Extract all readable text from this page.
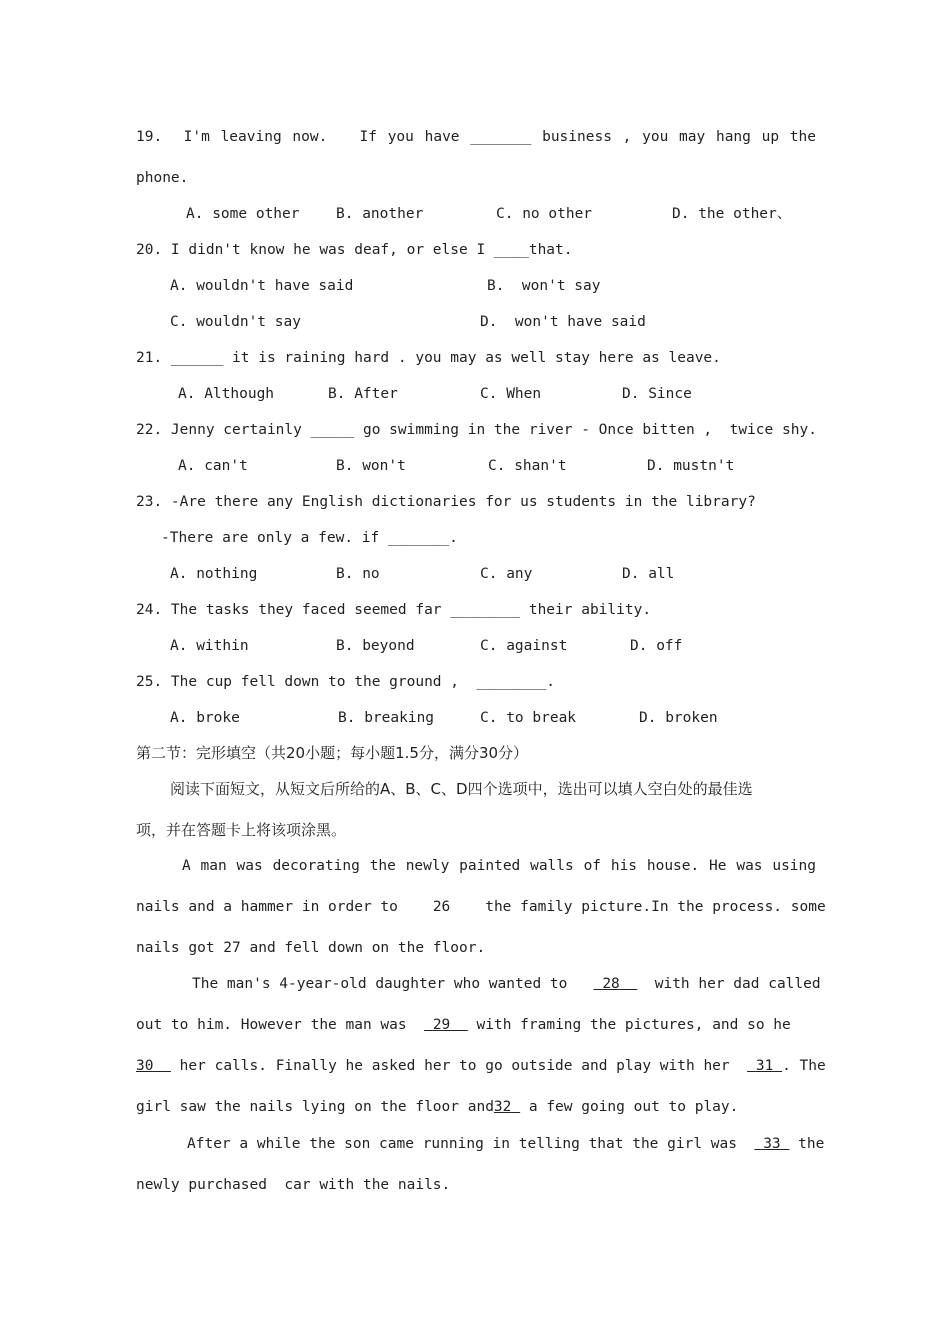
19.  I'm leaving now.   If you have _______ business , you may hang up the
phone.
A. some other	B. another	C. no other	D. the other、
20. I didn't know he was deaf, or else I ____that.
A. wouldn't have said	B.  won't say
C. wouldn't say	D.  won't have said
21. ______ it is raining hard . you may as well stay here as leave.
A. Although	B. After	C. When	D. Since
22. Jenny certainly _____ go swimming in the river - Once bitten ,  twice shy.
A. can't	B. won't	C. shan't	D. mustn't
23. -Are there any English dictionaries for us students in the library?
-There are only a few. if _______.
A. nothing	B. no	C. any	D. all
24. The tasks they faced seemed far ________ their ability.
A. within	B. beyond	C. against	D. off
25. The cup fell down to the ground ,  ________.
A. broke	B. breaking	C. to break	D. broken
第二节：完形填空（共20小题；每小题1.5分，满分30分）
阅读下面短文，从短文后所给的A、B、C、D四个选项中，选出可以填人空白处的最佳选
项，并在答题卡上将该项涂黑。
A man was decorating the newly painted walls of his house. He was using
nails and a hammer in order to 26 the family picture.In the process. some
nails got 27 and fell down on the floor.
The man's 4-year-old daughter who wanted to 28 with her dad called
out to him. However the man was 29 with framing the pictures, and so he
30 her calls. Finally he asked her to go outside and play with her 31 . The
girl saw the nails lying on the floor and32 a few going out to play.
After a while the son came running in telling that the girl was 33 the
newly purchased  car with the nails.
